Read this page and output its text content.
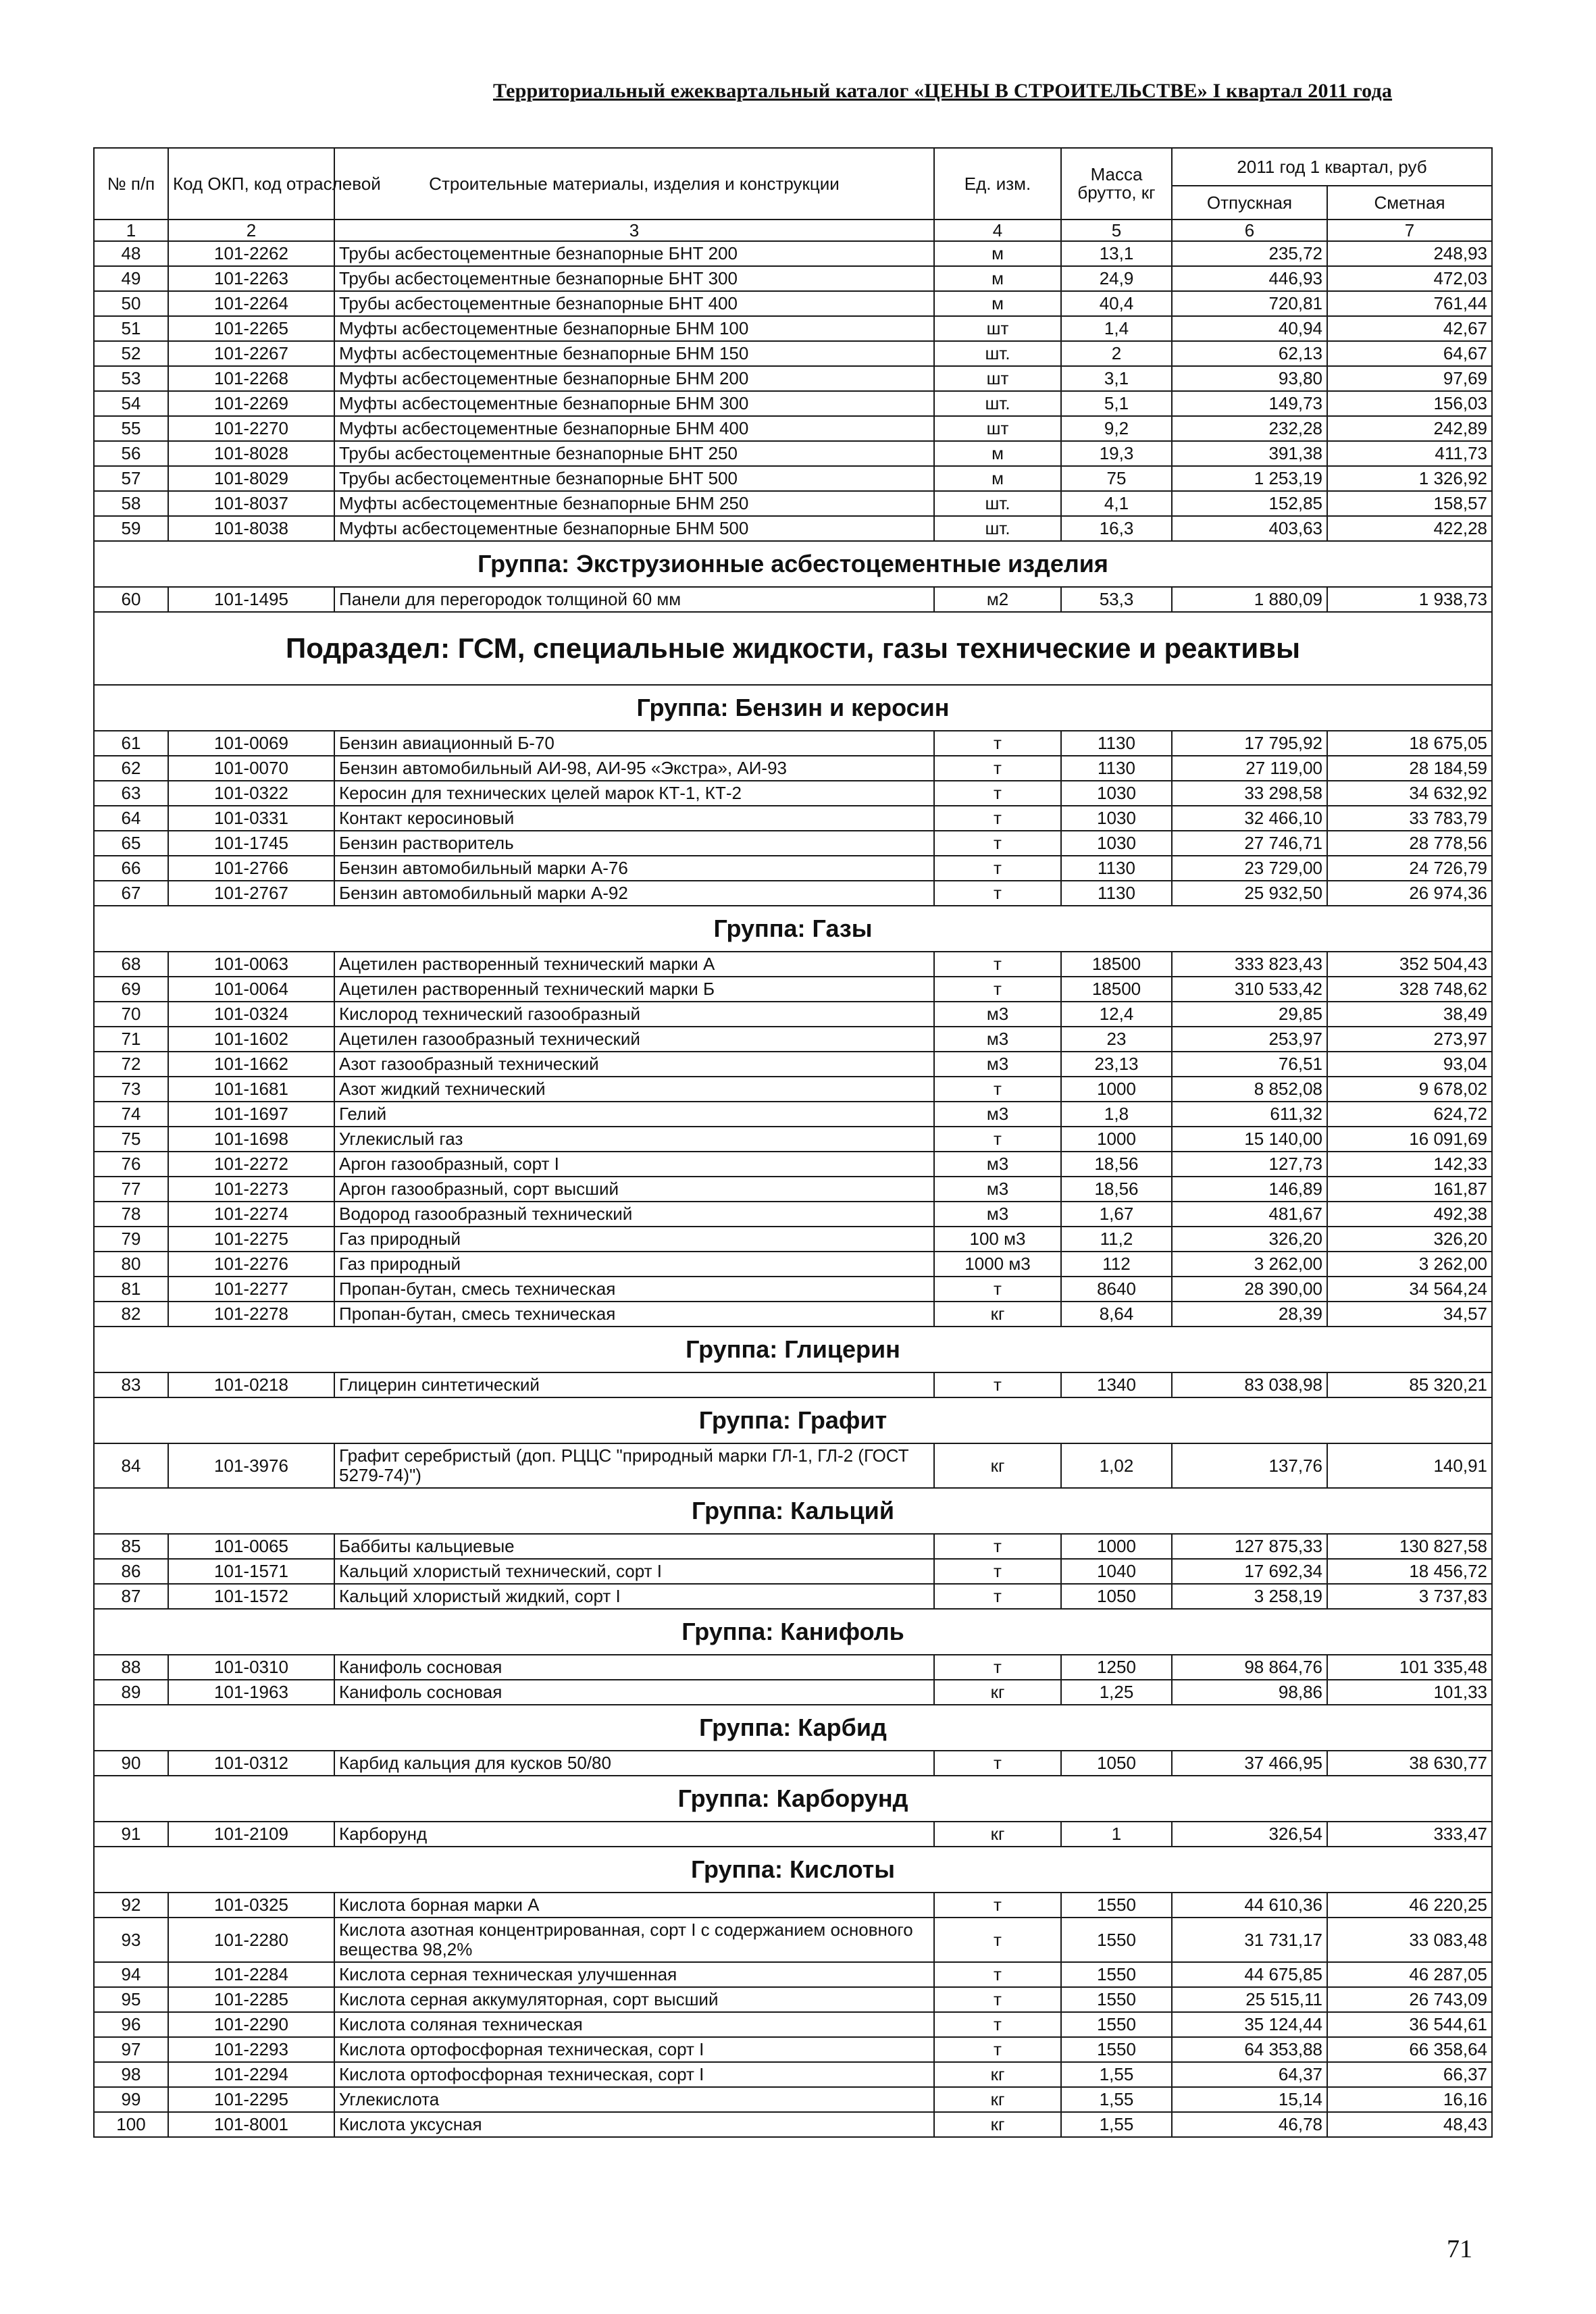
Территориальный ежеквартальный каталог «ЦЕНЫ В СТРОИТЕЛЬСТВЕ» I квартал 2011 года
№ п/п	Код ОКП, код отраслевой	Строительные материалы, изделия и конструкции	Ед. изм.	Масса брутто, кг	2011 год 1 квартал, руб	
					Отпускная	Сметная
1	2	3	4	5	6	7
48	101-2262	Трубы асбестоцементные безнапорные БНТ 200	м	13,1	235,72	248,93
49	101-2263	Трубы асбестоцементные безнапорные БНТ 300	м	24,9	446,93	472,03
50	101-2264	Трубы асбестоцементные безнапорные БНТ 400	м	40,4	720,81	761,44
51	101-2265	Муфты асбестоцементные безнапорные БНМ 100	шт	1,4	40,94	42,67
52	101-2267	Муфты асбестоцементные безнапорные БНМ 150	шт.	2	62,13	64,67
53	101-2268	Муфты асбестоцементные безнапорные БНМ 200	шт	3,1	93,80	97,69
54	101-2269	Муфты асбестоцементные безнапорные БНМ 300	шт.	5,1	149,73	156,03
55	101-2270	Муфты асбестоцементные безнапорные БНМ 400	шт	9,2	232,28	242,89
56	101-8028	Трубы асбестоцементные безнапорные БНТ 250	м	19,3	391,38	411,73
57	101-8029	Трубы асбестоцементные безнапорные БНТ 500	м	75	1 253,19	1 326,92
58	101-8037	Муфты асбестоцементные безнапорные БНМ 250	шт.	4,1	152,85	158,57
59	101-8038	Муфты асбестоцементные безнапорные БНМ 500	шт.	16,3	403,63	422,28
Группа: Экструзионные асбестоцементные изделия						
60	101-1495	Панели для перегородок толщиной 60 мм	м2	53,3	1 880,09	1 938,73
Подраздел: ГСМ, специальные жидкости, газы технические и реактивы						
Группа: Бензин и керосин						
61	101-0069	Бензин авиационный Б-70	т	1130	17 795,92	18 675,05
62	101-0070	Бензин автомобильный АИ-98, АИ-95 «Экстра», АИ-93	т	1130	27 119,00	28 184,59
63	101-0322	Керосин для технических целей марок КТ-1, КТ-2	т	1030	33 298,58	34 632,92
64	101-0331	Контакт керосиновый	т	1030	32 466,10	33 783,79
65	101-1745	Бензин растворитель	т	1030	27 746,71	28 778,56
66	101-2766	Бензин автомобильный марки А-76	т	1130	23 729,00	24 726,79
67	101-2767	Бензин автомобильный марки А-92	т	1130	25 932,50	26 974,36
Группа: Газы						
68	101-0063	Ацетилен растворенный технический марки А	т	18500	333 823,43	352 504,43
69	101-0064	Ацетилен растворенный технический марки Б	т	18500	310 533,42	328 748,62
70	101-0324	Кислород технический газообразный	м3	12,4	29,85	38,49
71	101-1602	Ацетилен газообразный технический	м3	23	253,97	273,97
72	101-1662	Азот газообразный технический	м3	23,13	76,51	93,04
73	101-1681	Азот жидкий технический	т	1000	8 852,08	9 678,02
74	101-1697	Гелий	м3	1,8	611,32	624,72
75	101-1698	Углекислый газ	т	1000	15 140,00	16 091,69
76	101-2272	Аргон газообразный, сорт I	м3	18,56	127,73	142,33
77	101-2273	Аргон газообразный, сорт высший	м3	18,56	146,89	161,87
78	101-2274	Водород газообразный технический	м3	1,67	481,67	492,38
79	101-2275	Газ природный	100 м3	11,2	326,20	326,20
80	101-2276	Газ природный	1000 м3	112	3 262,00	3 262,00
81	101-2277	Пропан-бутан, смесь техническая	т	8640	28 390,00	34 564,24
82	101-2278	Пропан-бутан, смесь техническая	кг	8,64	28,39	34,57
Группа: Глицерин						
83	101-0218	Глицерин синтетический	т	1340	83 038,98	85 320,21
Группа: Графит						
84	101-3976	Графит серебристый (доп. РЦЦС "природный марки ГЛ-1, ГЛ-2 (ГОСТ 5279-74)")	кг	1,02	137,76	140,91
Группа: Кальций						
85	101-0065	Баббиты кальциевые	т	1000	127 875,33	130 827,58
86	101-1571	Кальций хлористый технический, сорт I	т	1040	17 692,34	18 456,72
87	101-1572	Кальций хлористый жидкий, сорт I	т	1050	3 258,19	3 737,83
Группа: Канифоль						
88	101-0310	Канифоль сосновая	т	1250	98 864,76	101 335,48
89	101-1963	Канифоль сосновая	кг	1,25	98,86	101,33
Группа: Карбид						
90	101-0312	Карбид кальция для кусков 50/80	т	1050	37 466,95	38 630,77
Группа: Карборунд						
91	101-2109	Карборунд	кг	1	326,54	333,47
Группа: Кислоты						
92	101-0325	Кислота борная марки А	т	1550	44 610,36	46 220,25
93	101-2280	Кислота азотная концентрированная, сорт I с содержанием основного вещества 98,2%	т	1550	31 731,17	33 083,48
94	101-2284	Кислота серная техническая улучшенная	т	1550	44 675,85	46 287,05
95	101-2285	Кислота серная аккумуляторная, сорт высший	т	1550	25 515,11	26 743,09
96	101-2290	Кислота соляная техническая	т	1550	35 124,44	36 544,61
97	101-2293	Кислота ортофосфорная техническая, сорт I	т	1550	64 353,88	66 358,64
98	101-2294	Кислота ортофосфорная техническая, сорт I	кг	1,55	64,37	66,37
99	101-2295	Углекислота	кг	1,55	15,14	16,16
100	101-8001	Кислота уксусная	кг	1,55	46,78	48,43
71
